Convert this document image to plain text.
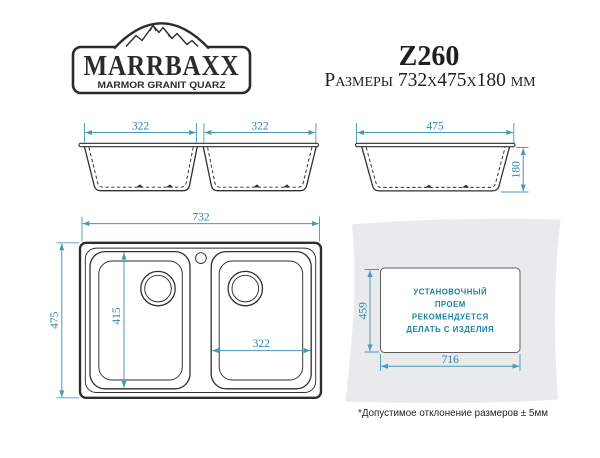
MARRBAXX
MARMOR GRANIT QUARZ
Z260
Размеры 732х475х180 мм
322	322	475
180
732
475	415
322
УСТАНОВОЧНЫЙ
ПРОЕМ
РЕКОМЕНДУЕТСЯ
ДЕЛАТЬ С ИЗДЕЛИЯ
459
716
*Допустимое отклонение размеров ± 5мм
